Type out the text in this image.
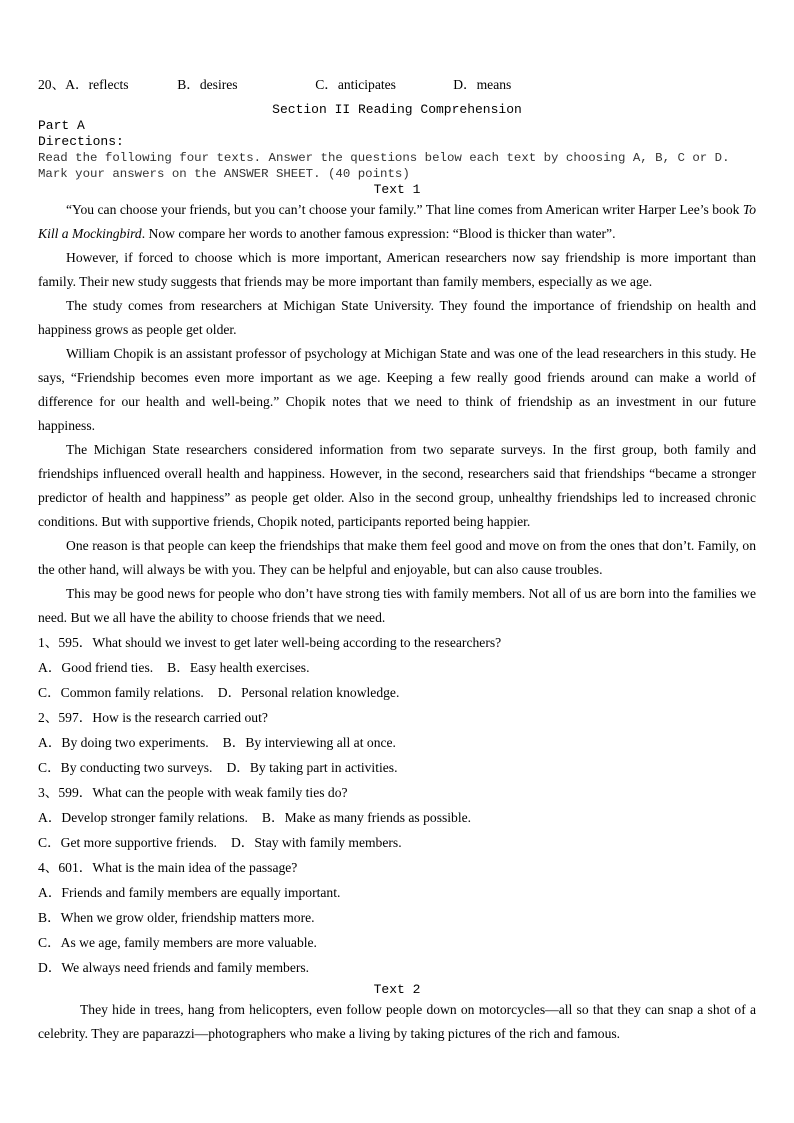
20、A．reflects	B．desires	C．anticipates	D．means
Section II Reading Comprehension
Part A
Directions:
Read the following four texts. Answer the questions below each text by choosing A, B, C or D. Mark your answers on the ANSWER SHEET. (40 points)
Text 1

“You can choose your friends, but you can’t choose your family.” That line comes from American writer Harper Lee’s book To Kill a Mockingbird. Now compare her words to another famous expression: “Blood is thicker than water”.

However, if forced to choose which is more important, American researchers now say friendship is more important than family. Their new study suggests that friends may be more important than family members, especially as we age.

The study comes from researchers at Michigan State University. They found the importance of friendship on health and happiness grows as people get older.

William Chopik is an assistant professor of psychology at Michigan State and was one of the lead researchers in this study. He says, “Friendship becomes even more important as we age. Keeping a few really good friends around can make a world of difference for our health and well-being.” Chopik notes that we need to think of friendship as an investment in our future happiness.

The Michigan State researchers considered information from two separate surveys. In the first group, both family and friendships influenced overall health and happiness. However, in the second, researchers said that friendships “became a stronger predictor of health and happiness” as people get older. Also in the second group, unhealthy friendships led to increased chronic conditions. But with supportive friends, Chopik noted, participants reported being happier.

One reason is that people can keep the friendships that make them feel good and move on from the ones that don’t. Family, on the other hand, will always be with you. They can be helpful and enjoyable, but can also cause troubles.

This may be good news for people who don’t have strong ties with family members. Not all of us are born into the families we need. But we all have the ability to choose friends that we need.

1、595．What should we invest to get later well-being according to the researchers?
A．Good friend ties. B．Easy health exercises.
C．Common family relations. D．Personal relation knowledge.
2、597．How is the research carried out?
A．By doing two experiments. B．By interviewing all at once.
C．By conducting two surveys. D．By taking part in activities.
3、599．What can the people with weak family ties do?
A．Develop stronger family relations. B．Make as many friends as possible.
C．Get more supportive friends. D．Stay with family members.
4、601．What is the main idea of the passage?
A．Friends and family members are equally important.
B．When we grow older, friendship matters more.
C．As we age, family members are more valuable.
D．We always need friends and family members.
Text 2

They hide in trees, hang from helicopters, even follow people down on motorcycles—all so that they can snap a shot of a celebrity. They are paparazzi—photographers who make a living by taking pictures of the rich and famous.
